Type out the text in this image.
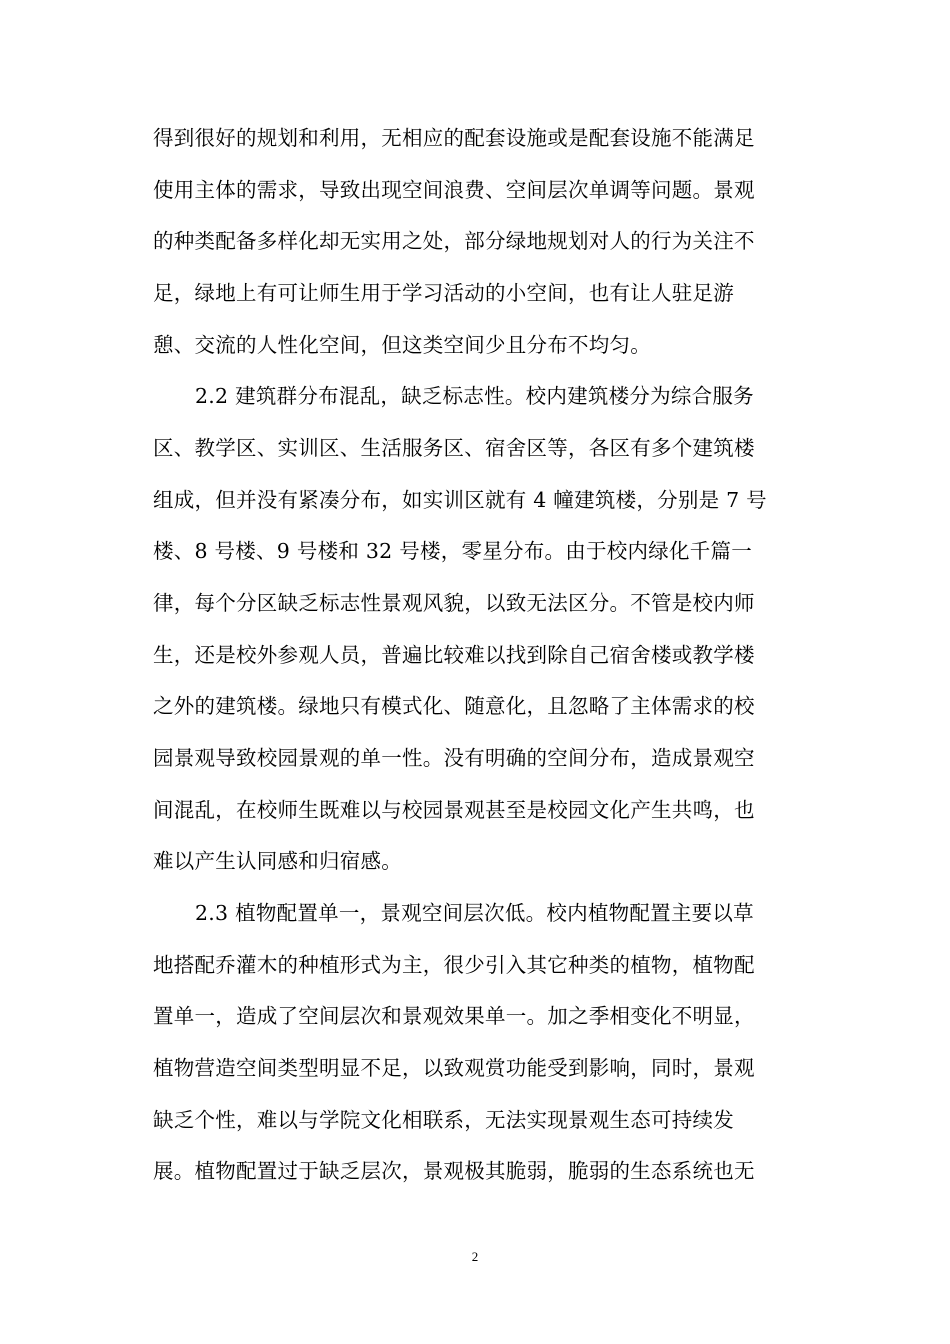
得到很好的规划和利用，无相应的配套设施或是配套设施不能满足
使用主体的需求，导致出现空间浪费、空间层次单调等问题。景观
的种类配备多样化却无实用之处，部分绿地规划对人的行为关注不
足，绿地上有可让师生用于学习活动的小空间，也有让人驻足游
憩、交流的人性化空间，但这类空间少且分布不均匀。
2.2 建筑群分布混乱，缺乏标志性。校内建筑楼分为综合服务
区、教学区、实训区、生活服务区、宿舍区等，各区有多个建筑楼
组成，但并没有紧凑分布，如实训区就有 4 幢建筑楼，分别是 7 号
楼、8 号楼、9 号楼和 32 号楼，零星分布。由于校内绿化千篇一
律，每个分区缺乏标志性景观风貌，以致无法区分。不管是校内师
生，还是校外参观人员，普遍比较难以找到除自己宿舍楼或教学楼
之外的建筑楼。绿地只有模式化、随意化，且忽略了主体需求的校
园景观导致校园景观的单一性。没有明确的空间分布，造成景观空
间混乱，在校师生既难以与校园景观甚至是校园文化产生共鸣，也
难以产生认同感和归宿感。
2.3 植物配置单一，景观空间层次低。校内植物配置主要以草
地搭配乔灌木的种植形式为主，很少引入其它种类的植物，植物配
置单一，造成了空间层次和景观效果单一。加之季相变化不明显，
植物营造空间类型明显不足，以致观赏功能受到影响，同时，景观
缺乏个性，难以与学院文化相联系，无法实现景观生态可持续发
展。植物配置过于缺乏层次，景观极其脆弱，脆弱的生态系统也无
2
